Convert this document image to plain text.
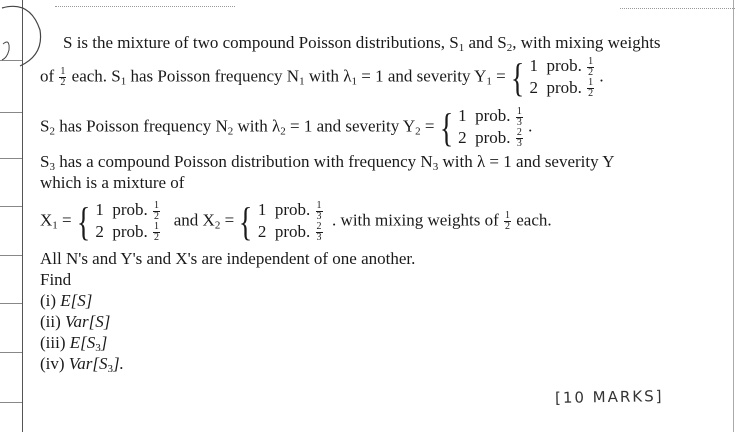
S is the mixture of two compound Poisson distributions, $S_1$ and $S_2$, with mixing weights
of $\frac{1}{2}$ each. $S_1$ has Poisson frequency $N_1$ with $\lambda_1 = 1$ and severity $Y_1$ = { 1 prob. $\frac{1}{2}$
2 prob. $\frac{1}{2}$
.
$S_2$ has Poisson frequency $N_2$ with $\lambda_2 = 1$ and severity $Y_2$ = { 1 prob. $\frac{1}{3}$
2 prob. $\frac{2}{3}$
.
$S_3$ has a compound Poisson distribution with frequency $N_3$ with λ = 1 and severity Y
which is a mixture of
$X_1$ = { 1 prob. $\frac{1}{2}$
2 prob. $\frac{1}{2}$
and $X_2$ = { 1 prob. $\frac{1}{3}$
2 prob. $\frac{2}{3}$
. with mixing weights of $\frac{1}{2}$ each.
All N's and Y's and X's are independent of one another.
Find
(i) E[S]
(ii) Var[S]
(iii) $E[S_3]$
(iv) $Var[S_3]$.
[10 MARKS]
